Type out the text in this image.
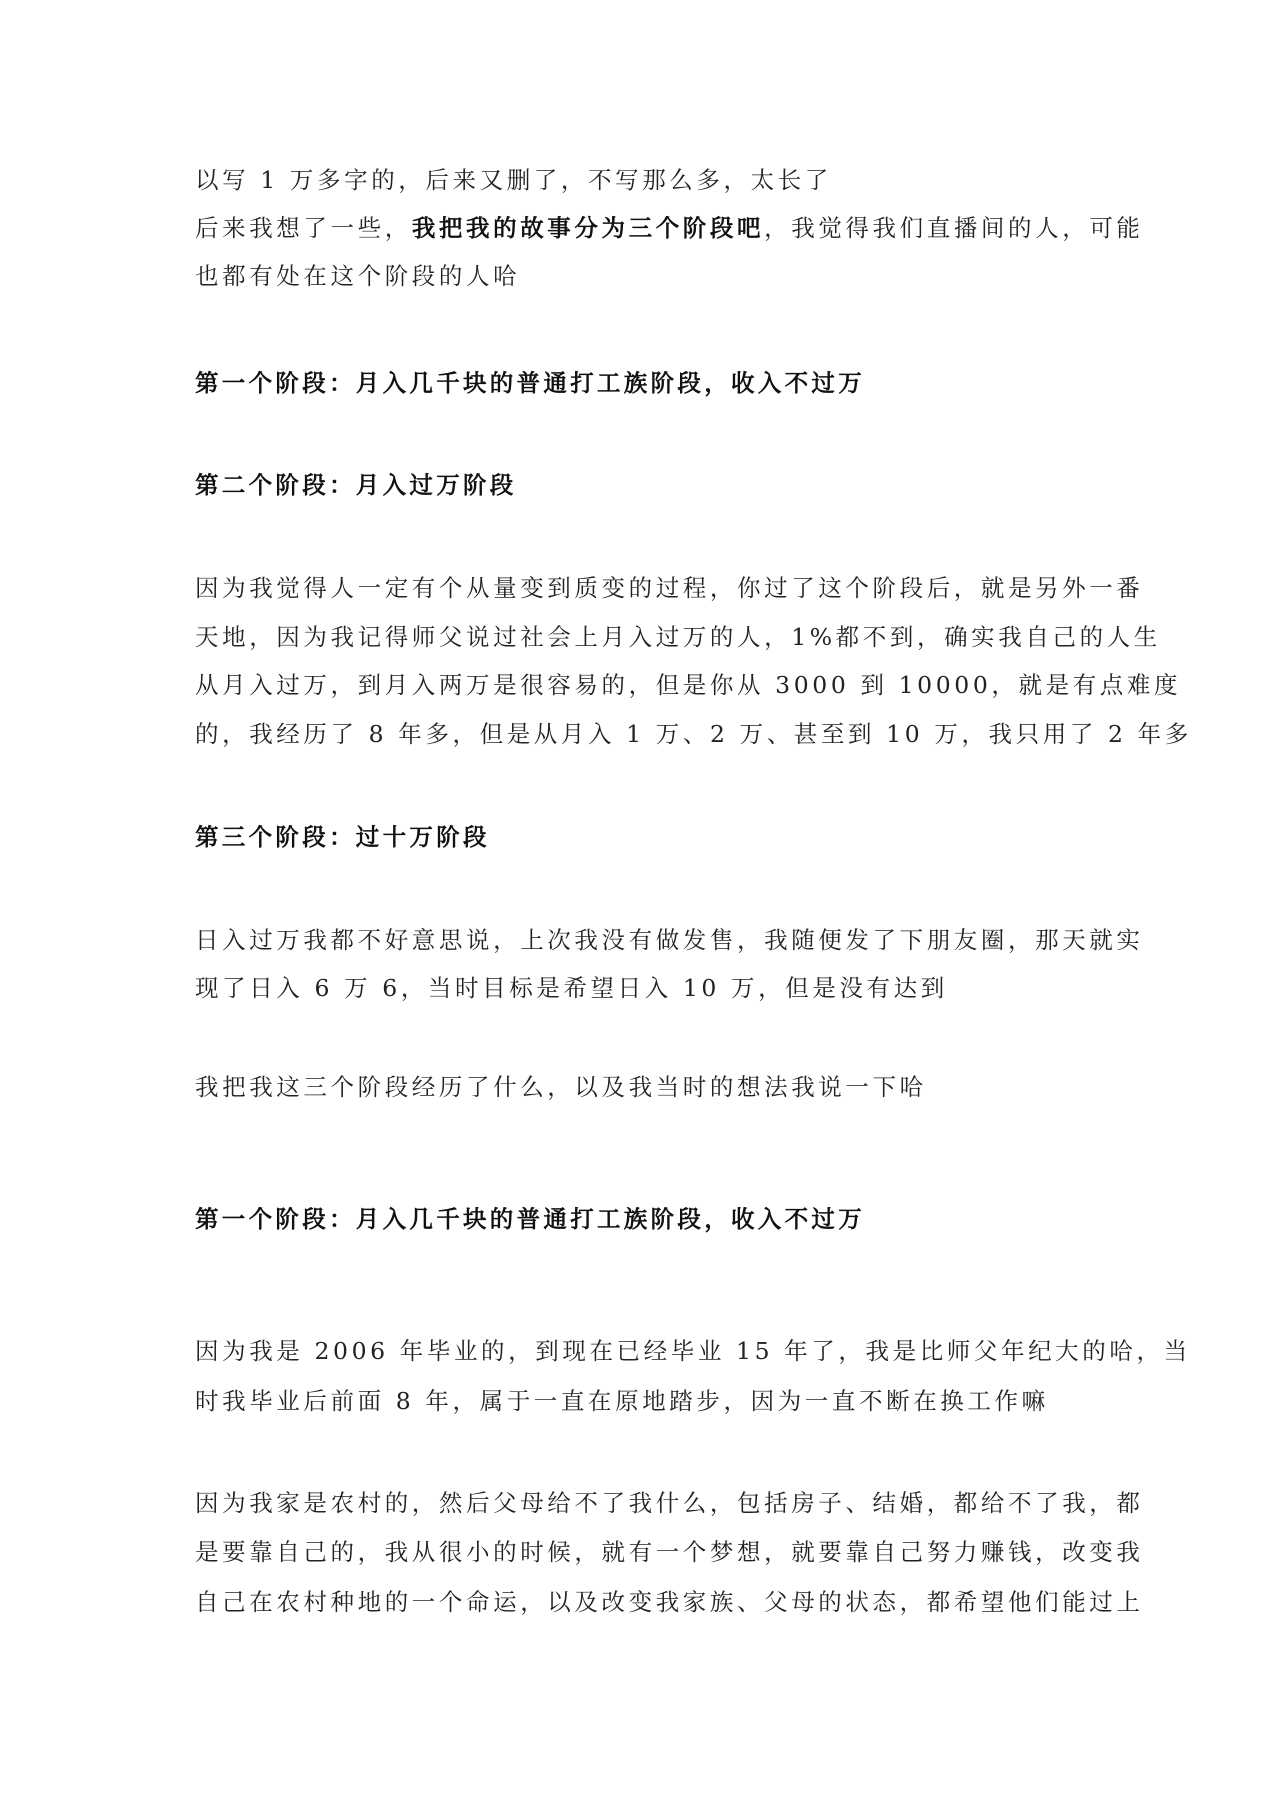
以写 1 万多字的，后来又删了，不写那么多，太长了
后来我想了一些，我把我的故事分为三个阶段吧，我觉得我们直播间的人，可能
也都有处在这个阶段的人哈
第一个阶段：月入几千块的普通打工族阶段，收入不过万
第二个阶段：月入过万阶段
因为我觉得人一定有个从量变到质变的过程，你过了这个阶段后，就是另外一番
天地，因为我记得师父说过社会上月入过万的人，1%都不到，确实我自己的人生
从月入过万，到月入两万是很容易的，但是你从 3000 到 10000，就是有点难度
的，我经历了 8 年多，但是从月入 1 万、2 万、甚至到 10 万，我只用了 2 年多
第三个阶段：过十万阶段
日入过万我都不好意思说，上次我没有做发售，我随便发了下朋友圈，那天就实
现了日入 6 万 6，当时目标是希望日入 10 万，但是没有达到
我把我这三个阶段经历了什么，以及我当时的想法我说一下哈
第一个阶段：月入几千块的普通打工族阶段，收入不过万
因为我是 2006 年毕业的，到现在已经毕业 15 年了，我是比师父年纪大的哈，当
时我毕业后前面 8 年，属于一直在原地踏步，因为一直不断在换工作嘛
因为我家是农村的，然后父母给不了我什么，包括房子、结婚，都给不了我，都
是要靠自己的，我从很小的时候，就有一个梦想，就要靠自己努力赚钱，改变我
自己在农村种地的一个命运，以及改变我家族、父母的状态，都希望他们能过上
